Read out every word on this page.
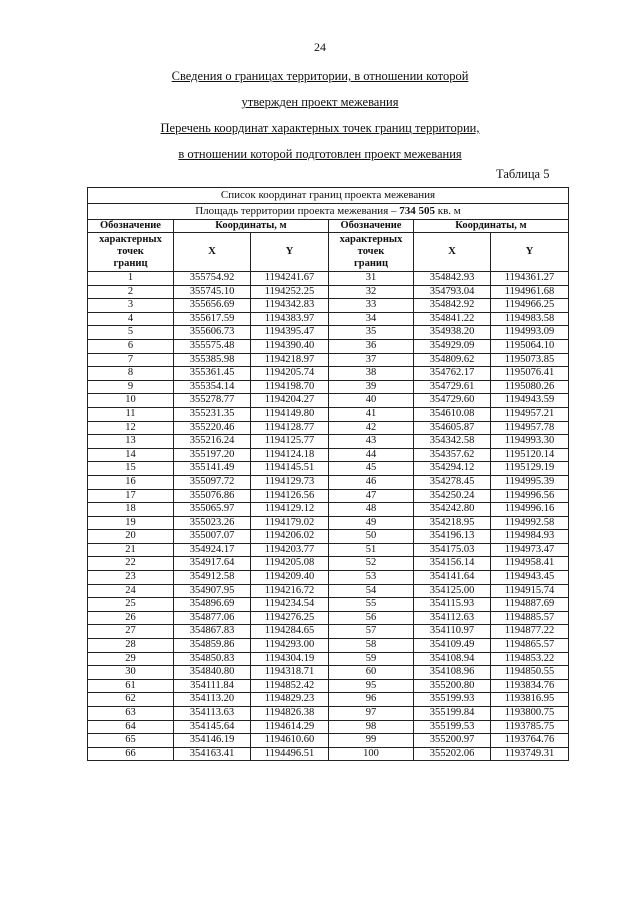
24
Сведения о границах территории, в отношении которой
утвержден проект межевания
Перечень координат характерных точек границ территории,
в отношении которой подготовлен проект межевания
Таблица 5
Список координат границ проекта межевания					
Площадь территории проекта межевания – 734 505 кв. м					
Обозначение	Координаты, м		Обозначение	Координаты, м	
характерных
точек
границ	X	Y	характерных
точек
границ	X	Y
1	355754.92	1194241.67	31	354842.93	1194361.27
2	355745.10	1194252.25	32	354793.04	1194961.68
3	355656.69	1194342.83	33	354842.92	1194966.25
4	355617.59	1194383.97	34	354841.22	1194983.58
5	355606.73	1194395.47	35	354938.20	1194993.09
6	355575.48	1194390.40	36	354929.09	1195064.10
7	355385.98	1194218.97	37	354809.62	1195073.85
8	355361.45	1194205.74	38	354762.17	1195076.41
9	355354.14	1194198.70	39	354729.61	1195080.26
10	355278.77	1194204.27	40	354729.60	1194943.59
11	355231.35	1194149.80	41	354610.08	1194957.21
12	355220.46	1194128.77	42	354605.87	1194957.78
13	355216.24	1194125.77	43	354342.58	1194993.30
14	355197.20	1194124.18	44	354357.62	1195120.14
15	355141.49	1194145.51	45	354294.12	1195129.19
16	355097.72	1194129.73	46	354278.45	1194995.39
17	355076.86	1194126.56	47	354250.24	1194996.56
18	355065.97	1194129.12	48	354242.80	1194996.16
19	355023.26	1194179.02	49	354218.95	1194992.58
20	355007.07	1194206.02	50	354196.13	1194984.93
21	354924.17	1194203.77	51	354175.03	1194973.47
22	354917.64	1194205.08	52	354156.14	1194958.41
23	354912.58	1194209.40	53	354141.64	1194943.45
24	354907.95	1194216.72	54	354125.00	1194915.74
25	354896.69	1194234.54	55	354115.93	1194887.69
26	354877.06	1194276.25	56	354112.63	1194885.57
27	354867.83	1194284.65	57	354110.97	1194877.22
28	354859.86	1194293.00	58	354109.49	1194865.57
29	354850.83	1194304.19	59	354108.94	1194853.22
30	354840.80	1194318.71	60	354108.96	1194850.55
61	354111.84	1194852.42	95	355200.80	1193834.76
62	354113.20	1194829.23	96	355199.93	1193816.95
63	354113.63	1194826.38	97	355199.84	1193800.75
64	354145.64	1194614.29	98	355199.53	1193785.75
65	354146.19	1194610.60	99	355200.97	1193764.76
66	354163.41	1194496.51	100	355202.06	1193749.31
